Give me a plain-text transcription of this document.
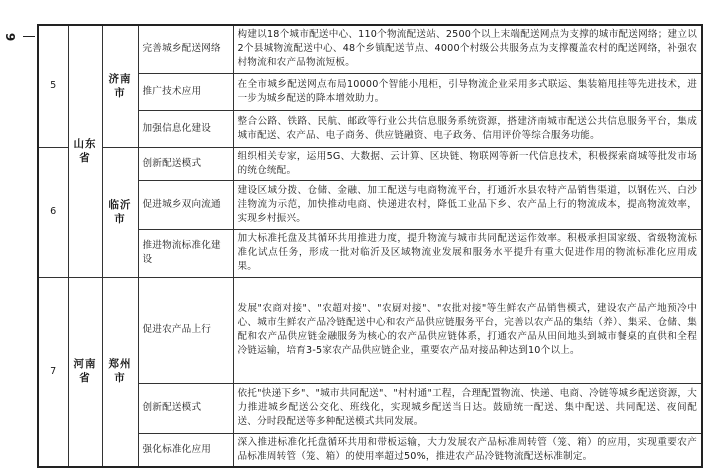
9
5	山东省	济南市	完善城乡配送网络	构建以18个城市配送中心、110个物流配送站、2500个以上末端配送网点为支撑的城市配送网络；建立以2个县城物流配送中心、48个乡镇配送节点、4000个村级公共服务点为支撑覆盖农村的配送网络，补强农村物流和农产品物流短板。
			推广技术应用	在全市城乡配送网点布局10000个智能小甩柜，引导物流企业采用多式联运、集装箱甩挂等先进技术，进一步为城乡配送的降本增效助力。
			加强信息化建设	整合公路、铁路、民航、邮政等行业公共信息服务系统资源，搭建济南城市配送公共信息服务平台，集成城市配送、农产品、电子商务、供应链融资、电子政务、信用评价等综合服务功能。
6		临沂市	创新配送模式	组织相关专家，运用5G、大数据、云计算、区块链、物联网等新一代信息技术，积极探索商城等批发市场的统仓统配。
			促进城乡双向流通	建设区域分拨、仓储、金融、加工配送与电商物流平台，打通沂水县农特产品销售渠道，以钢佐兴、白沙洼物流为示范，加快推动电商、快递进农村，降低工业品下乡、农产品上行的物流成本，提高物流效率，实现乡村振兴。
			推进物流标准化建设	加大标准托盘及其循环共用推进力度，提升物流与城市共同配送运作效率。积极承担国家级、省级物流标准化试点任务，形成一批对临沂及区域物流业发展和服务水平提升有重大促进作用的物流标准化应用成果。
7	河南省	郑州市	促进农产品上行	发展"农商对接"、"农超对接"、"农厨对接"、"农批对接"等生鲜农产品销售模式，建设农产品产地预冷中心、城市生鲜农产品冷链配送中心和农产品供应链服务平台，完善以农产品的集结（养）、集采、仓储、集配和农产品供应链金融服务为核心的农产品供应链体系，打通农产品从田间地头到城市餐桌的直供和全程冷链运输，培育3-5家农产品供应链企业，重要农产品对接品种达到10个以上。
			创新配送模式	依托"快递下乡"、"城市共同配送"、"村村通"工程，合理配置物流、快递、电商、冷链等城乡配送资源，大力推进城乡配送公交化、班线化，实现城乡配送当日达。鼓励统一配送、集中配送、共同配送、夜间配送、分时段配送等多种配送模式共同发展。
			强化标准化应用	深入推进标准化托盘循环共用和带板运输，大力发展农产品标准周转管（笼、箱）的应用，实现重要农产品标准周转管（笼、箱）的使用率超过50%，推进农产品冷链物流配送标准制定。
